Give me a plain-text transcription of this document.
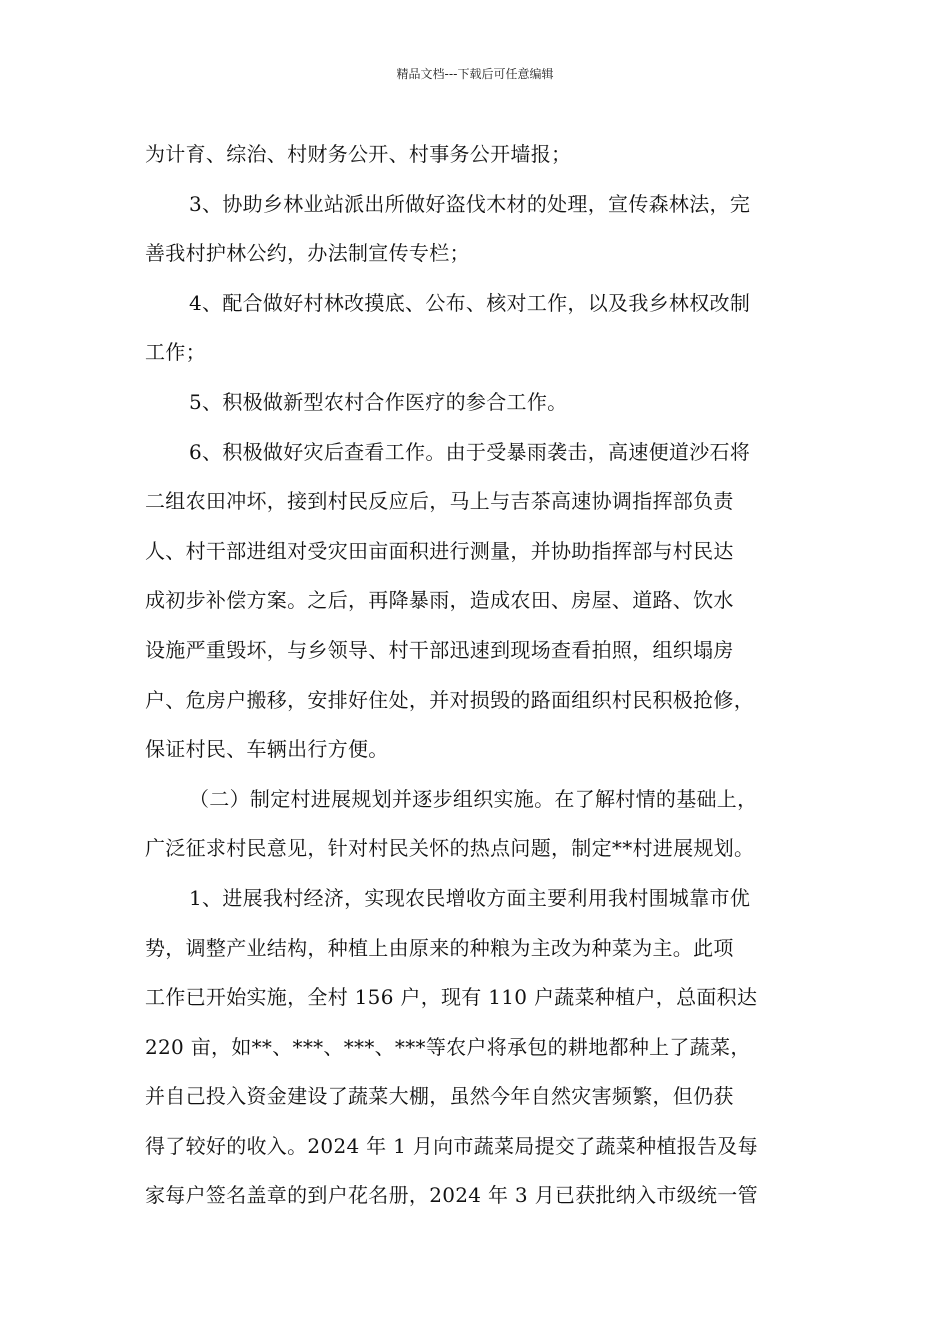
精品文档---下载后可任意编辑
为计育、综治、村财务公开、村事务公开墙报；
3、协助乡林业站派出所做好盗伐木材的处理，宣传森林法，完
善我村护林公约，办法制宣传专栏；
4、配合做好村林改摸底、公布、核对工作，以及我乡林权改制
工作；
5、积极做新型农村合作医疗的参合工作。
6、积极做好灾后查看工作。由于受暴雨袭击，高速便道沙石将
二组农田冲坏，接到村民反应后，马上与吉茶高速协调指挥部负责
人、村干部进组对受灾田亩面积进行测量，并协助指挥部与村民达
成初步补偿方案。之后，再降暴雨，造成农田、房屋、道路、饮水
设施严重毁坏，与乡领导、村干部迅速到现场查看拍照，组织塌房
户、危房户搬移，安排好住处，并对损毁的路面组织村民积极抢修，
保证村民、车辆出行方便。
（二）制定村进展规划并逐步组织实施。在了解村情的基础上，
广泛征求村民意见，针对村民关怀的热点问题，制定**村进展规划。
1、进展我村经济，实现农民增收方面主要利用我村围城靠市优
势，调整产业结构，种植上由原来的种粮为主改为种菜为主。此项
工作已开始实施，全村 156 户，现有 110 户蔬菜种植户，总面积达
220 亩，如**、***、***、***等农户将承包的耕地都种上了蔬菜，
并自己投入资金建设了蔬菜大棚，虽然今年自然灾害频繁，但仍获
得了较好的收入。2024 年 1 月向市蔬菜局提交了蔬菜种植报告及每
家每户签名盖章的到户花名册，2024 年 3 月已获批纳入市级统一管
